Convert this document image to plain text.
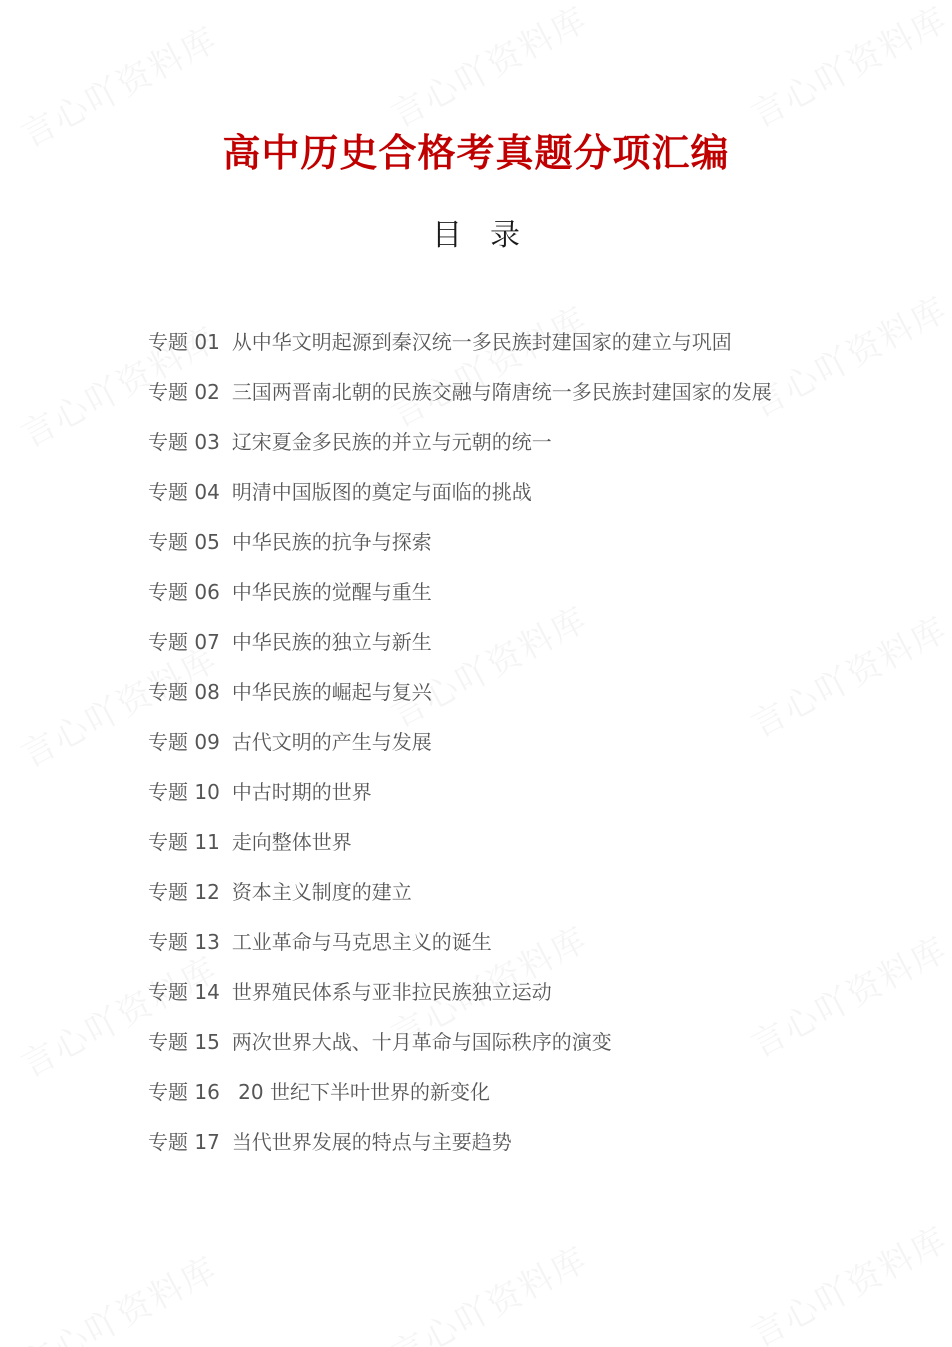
高中历史合格考真题分项汇编
目录
专题 01 从中华文明起源到秦汉统一多民族封建国家的建立与巩固
专题 02 三国两晋南北朝的民族交融与隋唐统一多民族封建国家的发展
专题 03 辽宋夏金多民族的并立与元朝的统一
专题 04 明清中国版图的奠定与面临的挑战
专题 05 中华民族的抗争与探索
专题 06 中华民族的觉醒与重生
专题 07 中华民族的独立与新生
专题 08 中华民族的崛起与复兴
专题 09 古代文明的产生与发展
专题 10 中古时期的世界
专题 11 走向整体世界
专题 12 资本主义制度的建立
专题 13 工业革命与马克思主义的诞生
专题 14 世界殖民体系与亚非拉民族独立运动
专题 15 两次世界大战、十月革命与国际秩序的演变
专题 16 20 世纪下半叶世界的新变化
专题 17 当代世界发展的特点与主要趋势
